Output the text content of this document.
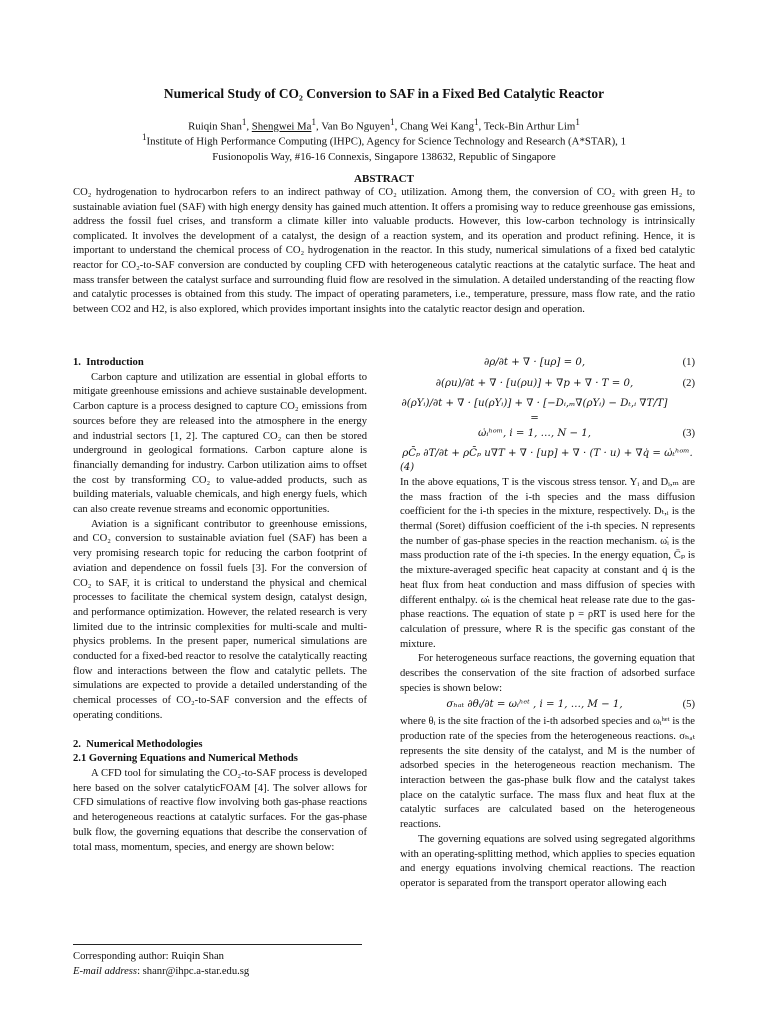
Numerical Study of CO₂ Conversion to SAF in a Fixed Bed Catalytic Reactor
Ruiqin Shan$^1$, Shengwei Ma$^1$, Van Bo Nguyen$^1$, Chang Wei Kang$^1$, Teck-Bin Arthur Lim$^1$
$^1$Institute of High Performance Computing (IHPC), Agency for Science Technology and Research (A*STAR), 1
Fusionopolis Way, #16-16 Connexis, Singapore 138632, Republic of Singapore
ABSTRACT

CO₂ hydrogenation to hydrocarbon refers to an indirect pathway of CO₂ utilization. Among them, the conversion of CO₂ with green H₂ to sustainable aviation fuel (SAF) with high energy density has gained much attention. It offers a promising way to reduce greenhouse gas emissions, address the fossil fuel crises, and transform a climate killer into valuable products. However, this low-carbon technology is intrinsically complicated. It involves the development of a catalyst, the design of a reaction system, and its operation and product refining. Hence, it is important to understand the chemical process of CO₂ hydrogenation in the reactor. In this study, numerical simulations of a fixed bed catalytic reactor for CO₂-to-SAF conversion are conducted by coupling CFD with heterogeneous catalytic reactions at the catalytic surface. The heat and mass transfer between the catalyst surface and surrounding fluid flow are resolved in the simulation. A detailed understanding of the reacting flow and catalytic processes is obtained from this study. The impact of operating parameters, i.e., temperature, pressure, mass flow rate, and the ratio between CO2 and H2, is also explored, which provides important insights into the catalytic reactor design and operation.

1.  Introduction

Carbon capture and utilization are essential in global efforts to mitigate greenhouse emissions and achieve sustainable development. Carbon capture is a process designed to capture CO₂ emissions from sources before they are released into the atmosphere in the energy and industrial sectors [1, 2]. The captured CO₂ can then be stored underground in geological formations. Carbon capture alone is financially demanding for industry. Carbon utilization aims to offset the cost by transforming CO₂ to value-added products, such as building materials, valuable chemicals, and high energy fuels, which can also create revenue streams and economic opportunities.

Aviation is a significant contributor to greenhouse emissions, and CO₂ conversion to sustainable aviation fuel (SAF) has been a very promising research topic for reducing the carbon footprint of aviation and dependence on fossil fuels [3]. For the conversion of CO₂ to SAF, it is critical to understand the physical and chemical processes to facilitate the chemical system design, catalyst design, and performance optimization. However, the related research is very limited due to the intrinsic complexities for multi-scale and multi-physics problems. In the present paper, numerical simulations are conducted for a fixed-bed reactor to resolve the catalytically reacting flow and interactions between the flow and catalytic pellets. The simulations are expected to provide a detailed understanding of the chemical processes of CO₂-to-SAF conversion and the effects of operating conditions.

2.  Numerical Methodologies

2.1 Governing Equations and Numerical Methods

A CFD tool for simulating the CO₂-to-SAF process is developed here based on the solver catalyticFOAM [4]. The solver allows for CFD simulations of reactive flow involving both gas-phase reactions and heterogeneous reactions at catalytic surfaces. For the gas-phase bulk flow, the governing equations that describe the conservation of total mass, momentum, species, and energy are shown below:

∂ρ/∂t + ∇ · [uρ] = 0,	(1)
∂(ρu)/∂t + ∇ · [u(ρu)] + ∇p + ∇ · T = 0,	(2)
∂(ρYᵢ)/∂t + ∇ · [u(ρYᵢ)] + ∇ · [−Dᵢ,ₘ∇(ρYᵢ) − Dₜ,ᵢ ∇T/T] =
ω̇ᵢʰᵒᵐ, i = 1, …, N − 1,	(3)
ρC̄ₚ ∂T/∂t + ρC̄ₚ u∇T + ∇ · [up] + ∇ · (T · u) + ∇q̇ = ω̇ₜʰᵒᵐ.

(4)

In the above equations, T is the viscous stress tensor. Yᵢ and Dᵢ,ₘ are the mass fraction of the i-th species and the mass diffusion coefficient for the i-th species in the mixture, respectively. Dₜ,ᵢ is the thermal (Soret) diffusion coefficient of the i-th species. N represents the number of gas-phase species in the reaction mechanism. ω̇ᵢ is the mass production rate of the i-th species. In the energy equation, C̄ₚ is the mixture-averaged specific heat capacity at constant and q̇ is the heat flux from heat conduction and mass diffusion of species with different enthalpy. ω̇ₜ is the chemical heat release rate due to the gas-phase reactions. The equation of state p = ρRT is used here for the calculation of pressure, where R is the specific gas constant of the mixture.

For heterogeneous surface reactions, the governing equation that describes the conservation of the site fraction of adsorbed surface species is shown below:

σₕₐₜ ∂θᵢ/∂t = ωᵢʰᵉᵗ , i = 1, …, M − 1,	(5)

where θᵢ is the site fraction of the i-th adsorbed species and ωᵢʰᵉᵗ is the production rate of the species from the heterogeneous reactions. σₕₐₜ represents the site density of the catalyst, and M is the number of adsorbed species in the heterogeneous reaction mechanism. The interaction between the gas-phase bulk flow and the catalyst takes place on the catalytic surface. The mass flux and heat flux at the catalytic surfaces are calculated based on the heterogeneous reactions.

The governing equations are solved using segregated algorithms with an operating-splitting method, which applies to species equation and energy equations involving chemical reactions. The reaction operator is separated from the transport operator allowing each

Corresponding author: Ruiqin Shan
E-mail address: shanr@ihpc.a-star.edu.sg
